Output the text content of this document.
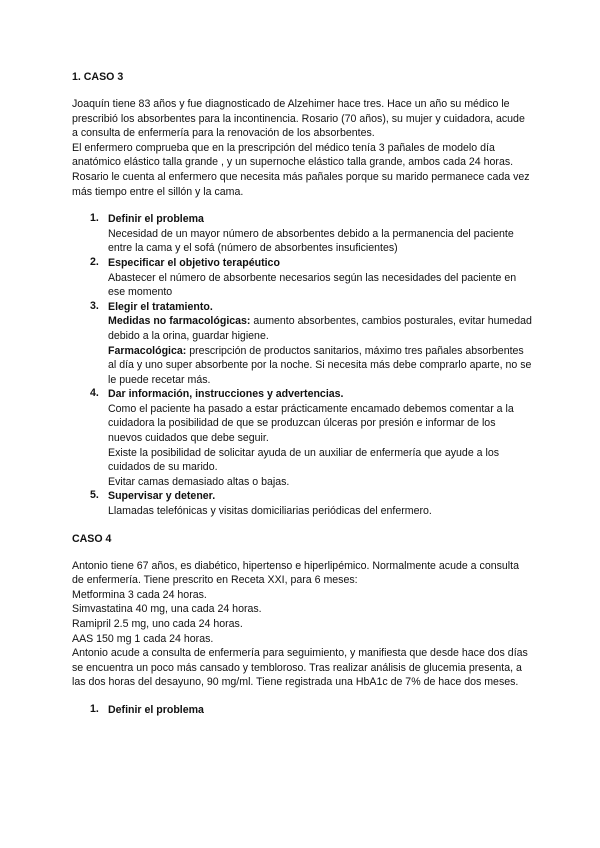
1. CASO 3

Joaquín tiene 83 años y fue diagnosticado de Alzehimer hace tres. Hace un año su médico le prescribió los absorbentes para la incontinencia. Rosario (70 años), su mujer y cuidadora, acude a consulta de enfermería para la renovación de los absorbentes.

El enfermero comprueba que en la prescripción del médico tenía 3 pañales de modelo día anatómico elástico talla grande , y un supernoche elástico talla grande, ambos cada 24 horas.

Rosario le cuenta al enfermero que necesita más pañales porque su marido permanece cada vez más tiempo entre el sillón y la cama.

1. Definir el problema
Necesidad de un mayor número de absorbentes debido a la permanencia del paciente entre la cama y el sofá (número de absorbentes insuficientes)
2. Especificar el objetivo terapéutico
Abastecer el número de absorbente necesarios según las necesidades del paciente en ese momento
3. Elegir el tratamiento.
Medidas no farmacológicas: aumento absorbentes, cambios posturales, evitar humedad debido a la orina, guardar higiene.
Farmacológica: prescripción de productos sanitarios, máximo tres pañales absorbentes al día y uno super absorbente por la noche. Si necesita más debe comprarlo aparte, no se le puede recetar más.
4. Dar información, instrucciones y advertencias.
Como el paciente ha pasado a estar prácticamente encamado debemos comentar a la cuidadora la posibilidad de que se produzcan úlceras por presión e informar de los nuevos cuidados que debe seguir.
Existe la posibilidad de solicitar ayuda de un auxiliar de enfermería que ayude a los cuidados de su marido.
Evitar camas demasiado altas o bajas.
5. Supervisar y detener.
Llamadas telefónicas y visitas domiciliarias periódicas del enfermero.

CASO 4

Antonio tiene 67 años, es diabético, hipertenso e hiperlipémico. Normalmente acude a consulta de enfermería. Tiene prescrito en Receta XXI, para 6 meses:
Metformina 3 cada 24 horas.
Simvastatina 40 mg, una cada 24 horas.
Ramipril 2.5 mg, uno cada 24 horas.
AAS 150 mg 1 cada 24 horas.
Antonio acude a consulta de enfermería para seguimiento, y manifiesta que desde hace dos días se encuentra un poco más cansado y tembloroso. Tras realizar análisis de glucemia presenta, a las dos horas del desayuno, 90 mg/ml. Tiene registrada una HbA1c de 7% de hace dos meses.
1. Definir el problema
